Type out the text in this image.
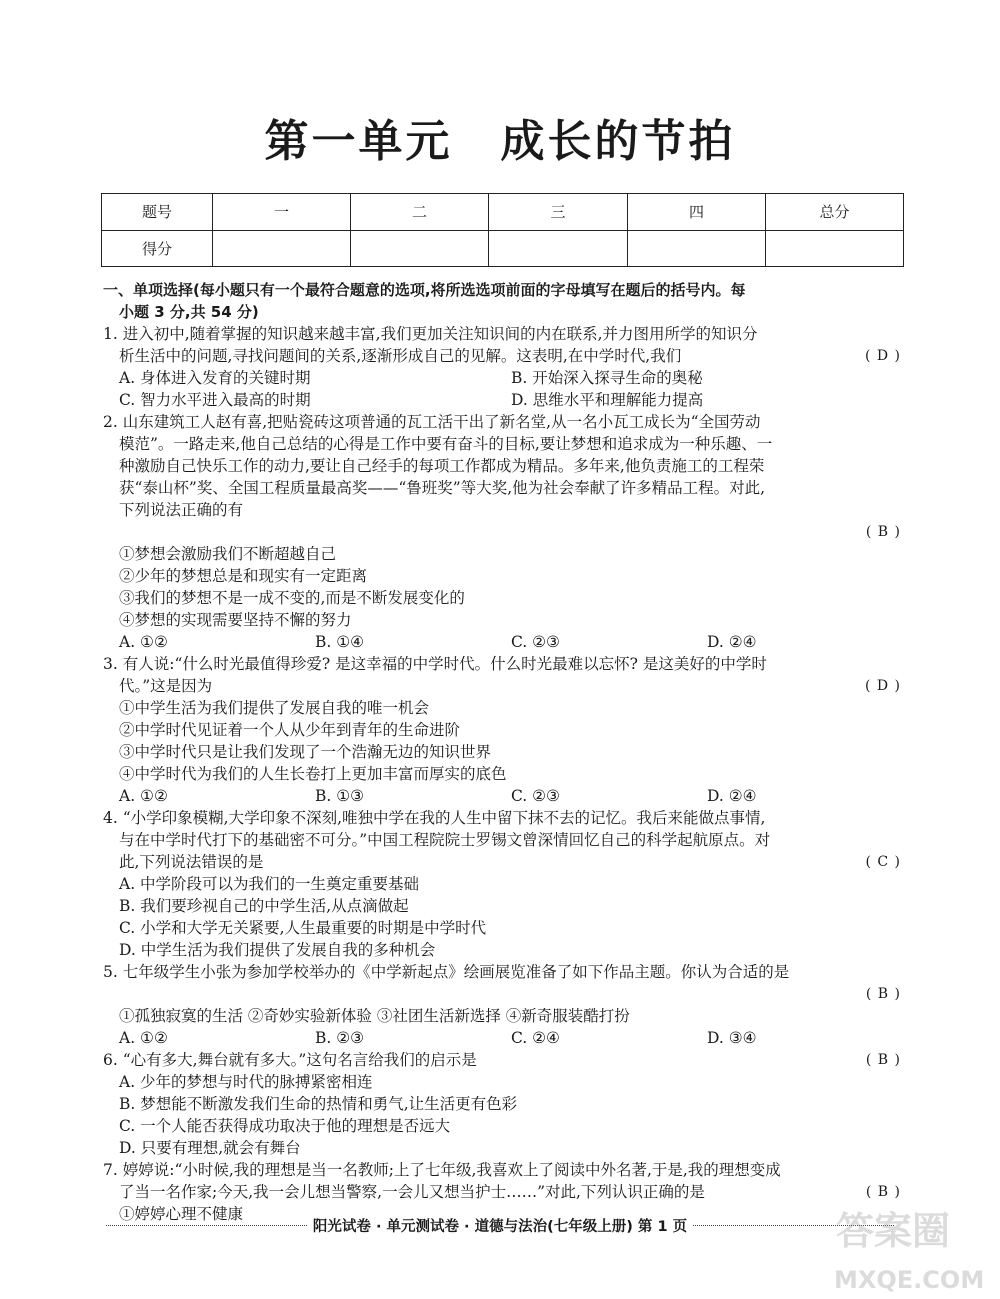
第一单元 成长的节拍
题号	一	二	三	四	总分
得分					
一、单项选择(每小题只有一个最符合题意的选项,将所选选项前面的字母填写在题后的括号内。每
小题 3 分,共 54 分)
1. 进入初中,随着掌握的知识越来越丰富,我们更加关注知识间的内在联系,并力图用所学的知识分
析生活中的问题,寻找问题间的关系,逐渐形成自己的见解。这表明,在中学时代,我们	( D )
A. 身体进入发育的关键时期	B. 开始深入探寻生命的奥秘
C. 智力水平进入最高的时期	D. 思维水平和理解能力提高
2. 山东建筑工人赵有喜,把贴瓷砖这项普通的瓦工活干出了新名堂,从一名小瓦工成长为“全国劳动
模范”。一路走来,他自己总结的心得是工作中要有奋斗的目标,要让梦想和追求成为一种乐趣、一
种激励自己快乐工作的动力,要让自己经手的每项工作都成为精品。多年来,他负责施工的工程荣
获“泰山杯”奖、全国工程质量最高奖——“鲁班奖”等大奖,他为社会奉献了许多精品工程。对此,
下列说法正确的有
( B )
①梦想会激励我们不断超越自己
②少年的梦想总是和现实有一定距离
③我们的梦想不是一成不变的,而是不断发展变化的
④梦想的实现需要坚持不懈的努力
A. ①②	B. ①④	C. ②③	D. ②④
3. 有人说:“什么时光最值得珍爱? 是这幸福的中学时代。什么时光最难以忘怀? 是这美好的中学时
代。”这是因为	( D )
①中学生活为我们提供了发展自我的唯一机会
②中学时代见证着一个人从少年到青年的生命进阶
③中学时代只是让我们发现了一个浩瀚无边的知识世界
④中学时代为我们的人生长卷打上更加丰富而厚实的底色
A. ①②	B. ①③	C. ②③	D. ②④
4. “小学印象模糊,大学印象不深刻,唯独中学在我的人生中留下抹不去的记忆。我后来能做点事情,
与在中学时代打下的基础密不可分。”中国工程院院士罗锡文曾深情回忆自己的科学起航原点。对
此,下列说法错误的是	( C )
A. 中学阶段可以为我们的一生奠定重要基础
B. 我们要珍视自己的中学生活,从点滴做起
C. 小学和大学无关紧要,人生最重要的时期是中学时代
D. 中学生活为我们提供了发展自我的多种机会
5. 七年级学生小张为参加学校举办的《中学新起点》绘画展览准备了如下作品主题。你认为合适的是
( B )
①孤独寂寞的生活 ②奇妙实验新体验 ③社团生活新选择 ④新奇服装酷打扮
A. ①②	B. ②③	C. ②④	D. ③④
6. “心有多大,舞台就有多大。”这句名言给我们的启示是	( B )
A. 少年的梦想与时代的脉搏紧密相连
B. 梦想能不断激发我们生命的热情和勇气,让生活更有色彩
C. 一个人能否获得成功取决于他的理想是否远大
D. 只要有理想,就会有舞台
7. 婷婷说:“小时候,我的理想是当一名教师;上了七年级,我喜欢上了阅读中外名著,于是,我的理想变成
了当一名作家;今天,我一会儿想当警察,一会儿又想当护士……”对此,下列认识正确的是	( B )
①婷婷心理不健康
阳光试卷 · 单元测试卷 · 道德与法治(七年级上册) 第 1 页	答案圈
MXQE.COM
